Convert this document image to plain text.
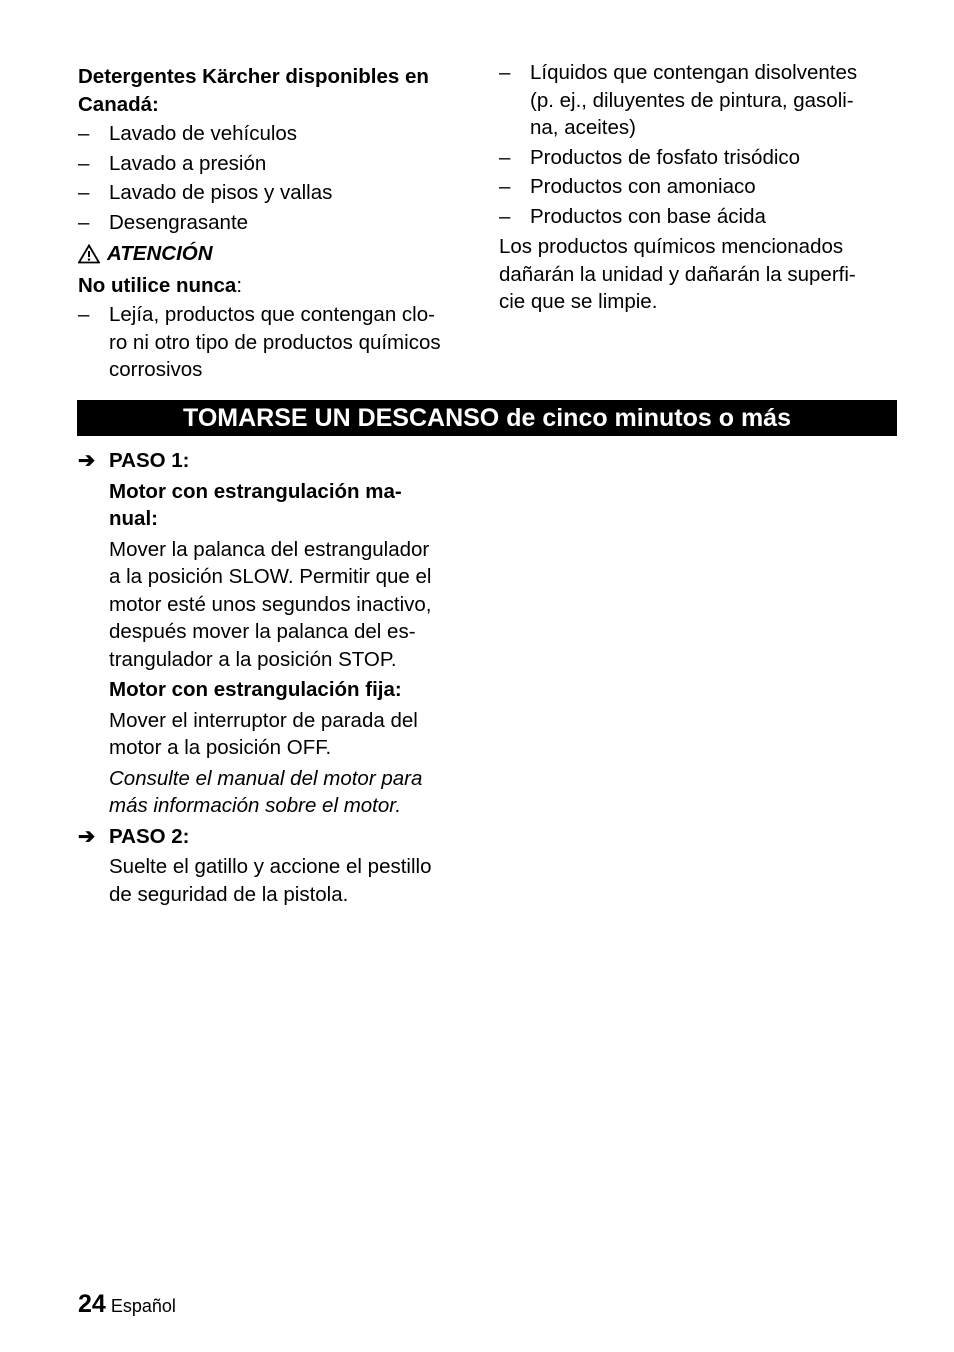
Detergentes Kärcher disponibles en
Canadá:
– Lavado de vehículos
– Lavado a presión
– Lavado de pisos y vallas
– Desengrasante
ATENCIÓN
No utilice nunca:
– Lejía, productos que contengan clo-
ro ni otro tipo de productos químicos
corrosivos
– Líquidos que contengan disolventes
(p. ej., diluyentes de pintura, gasoli-
na, aceites)
– Productos de fosfato trisódico
– Productos con amoniaco
– Productos con base ácida
Los productos químicos mencionados
dañarán la unidad y dañarán la superfi-
cie que se limpie.
TOMARSE UN DESCANSO de cinco minutos o más
➔ PASO 1:
Motor con estrangulación ma-
nual:
Mover la palanca del estrangulador
a la posición SLOW. Permitir que el
motor esté unos segundos inactivo,
después mover la palanca del es-
trangulador a la posición STOP.
Motor con estrangulación fija:
Mover el interruptor de parada del
motor a la posición OFF.
Consulte el manual del motor para
más información sobre el motor.
➔ PASO 2:
Suelte el gatillo y accione el pestillo
de seguridad de la pistola.
24 Español
